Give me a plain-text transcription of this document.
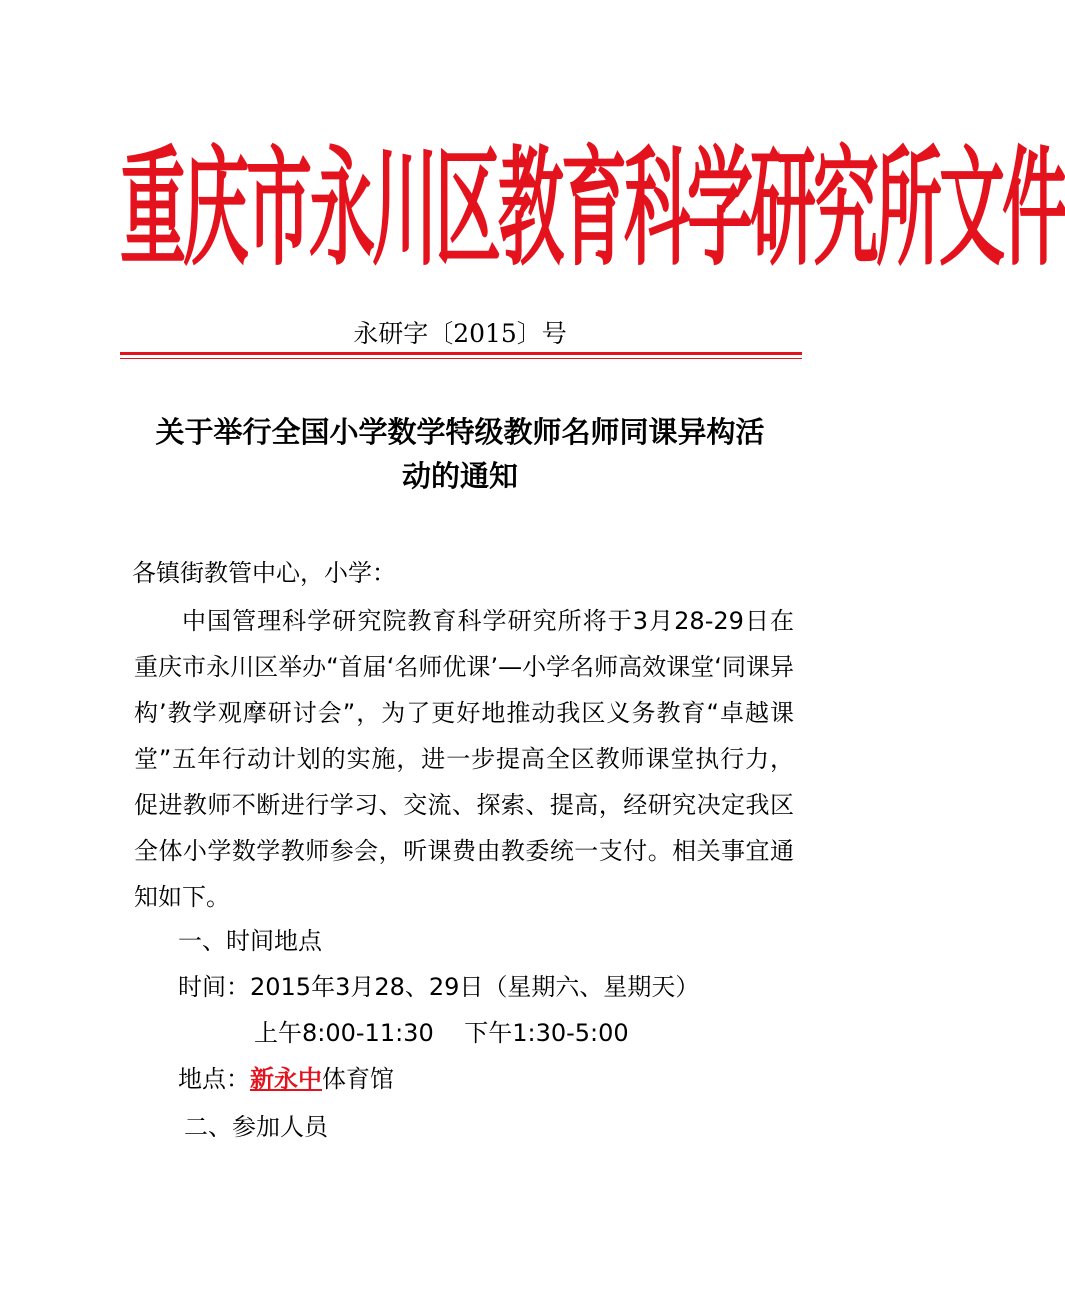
重庆市永川区教育科学研究所文件
永研字〔2015〕号
关于举行全国小学数学特级教师名师同课异构活
动的通知
各镇街教管中心，小学：
中国管理科学研究院教育科学研究所将于3月28-29日在重庆市永川区举办“首届‘名师优课’—小学名师高效课堂‘同课异构’教学观摩研讨会”，为了更好地推动我区义务教育“卓越课堂”五年行动计划的实施，进一步提高全区教师课堂执行力，促进教师不断进行学习、交流、探索、提高，经研究决定我区全体小学数学教师参会，听课费由教委统一支付。相关事宜通知如下。
一、时间地点
时间：2015年3月28、29日（星期六、星期天）
上午8:00-11:30    下午1:30-5:00
地点：新永中体育馆
二、参加人员
